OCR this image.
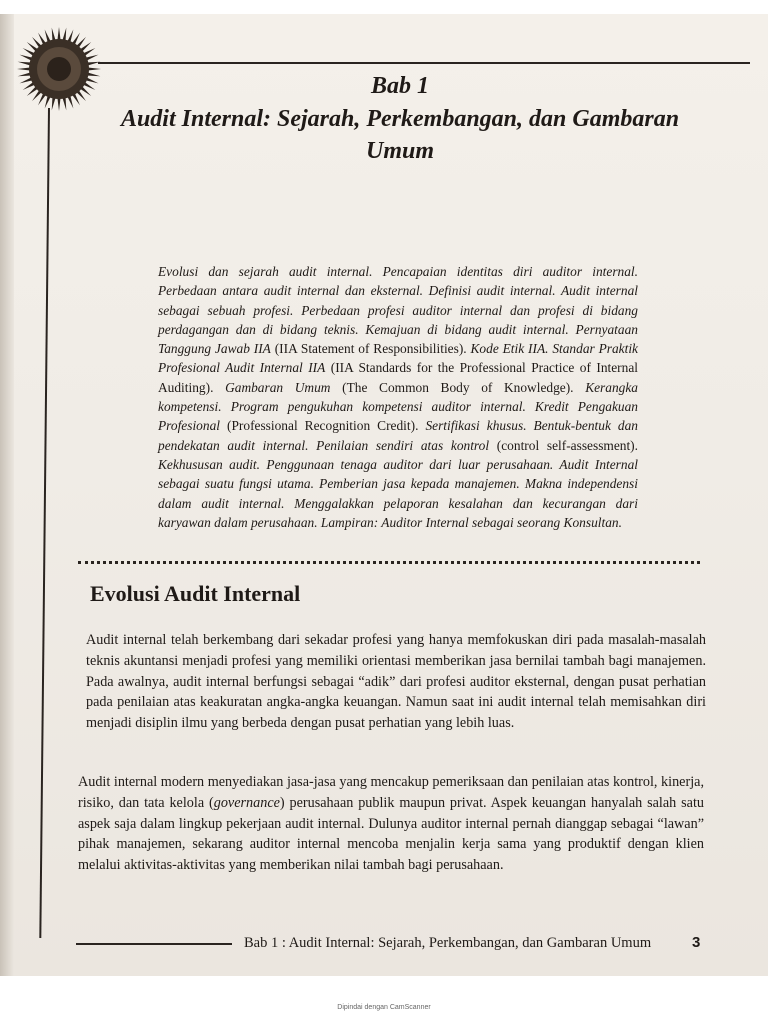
Bab 1
Audit Internal: Sejarah, Perkembangan, dan Gambaran Umum

Evolusi dan sejarah audit internal. Pencapaian identitas diri auditor internal. Perbedaan antara audit internal dan eksternal. Definisi audit internal. Audit internal sebagai sebuah profesi. Perbedaan profesi auditor internal dan profesi di bidang perdagangan dan di bidang teknis. Kemajuan di bidang audit internal. Pernyataan Tanggung Jawab IIA (IIA Statement of Responsibilities). Kode Etik IIA. Standar Praktik Profesional Audit Internal IIA (IIA Standards for the Professional Practice of Internal Auditing). Gambaran Umum (The Common Body of Knowledge). Kerangka kompetensi. Program pengukuhan kompetensi auditor internal. Kredit Pengakuan Profesional (Professional Recognition Credit). Sertifikasi khusus. Bentuk-bentuk dan pendekatan audit internal. Penilaian sendiri atas kontrol (control self-assessment). Kekhususan audit. Penggunaan tenaga auditor dari luar perusahaan. Audit Internal sebagai suatu fungsi utama. Pemberian jasa kepada manajemen. Makna independensi dalam audit internal. Menggalakkan pelaporan kesalahan dan kecurangan dari karyawan dalam perusahaan. Lampiran: Auditor Internal sebagai seorang Konsultan.

Evolusi Audit Internal

Audit internal telah berkembang dari sekadar profesi yang hanya memfokuskan diri pada masalah-masalah teknis akuntansi menjadi profesi yang memiliki orientasi memberikan jasa bernilai tambah bagi manajemen. Pada awalnya, audit internal berfungsi sebagai “adik” dari profesi auditor eksternal, dengan pusat perhatian pada penilaian atas keakuratan angka-angka keuangan. Namun saat ini audit internal telah memisahkan diri menjadi disiplin ilmu yang berbeda dengan pusat perhatian yang lebih luas.

Audit internal modern menyediakan jasa-jasa yang mencakup pemeriksaan dan penilaian atas kontrol, kinerja, risiko, dan tata kelola (governance) perusahaan publik maupun privat. Aspek keuangan hanyalah salah satu aspek saja dalam lingkup pekerjaan audit internal. Dulunya auditor internal pernah dianggap sebagai “lawan” pihak manajemen, sekarang auditor internal mencoba menjalin kerja sama yang produktif dengan klien melalui aktivitas-aktivitas yang memberikan nilai tambah bagi perusahaan.

Bab 1 : Audit Internal: Sejarah, Perkembangan, dan Gambaran Umum	3

Dipindai dengan CamScanner
